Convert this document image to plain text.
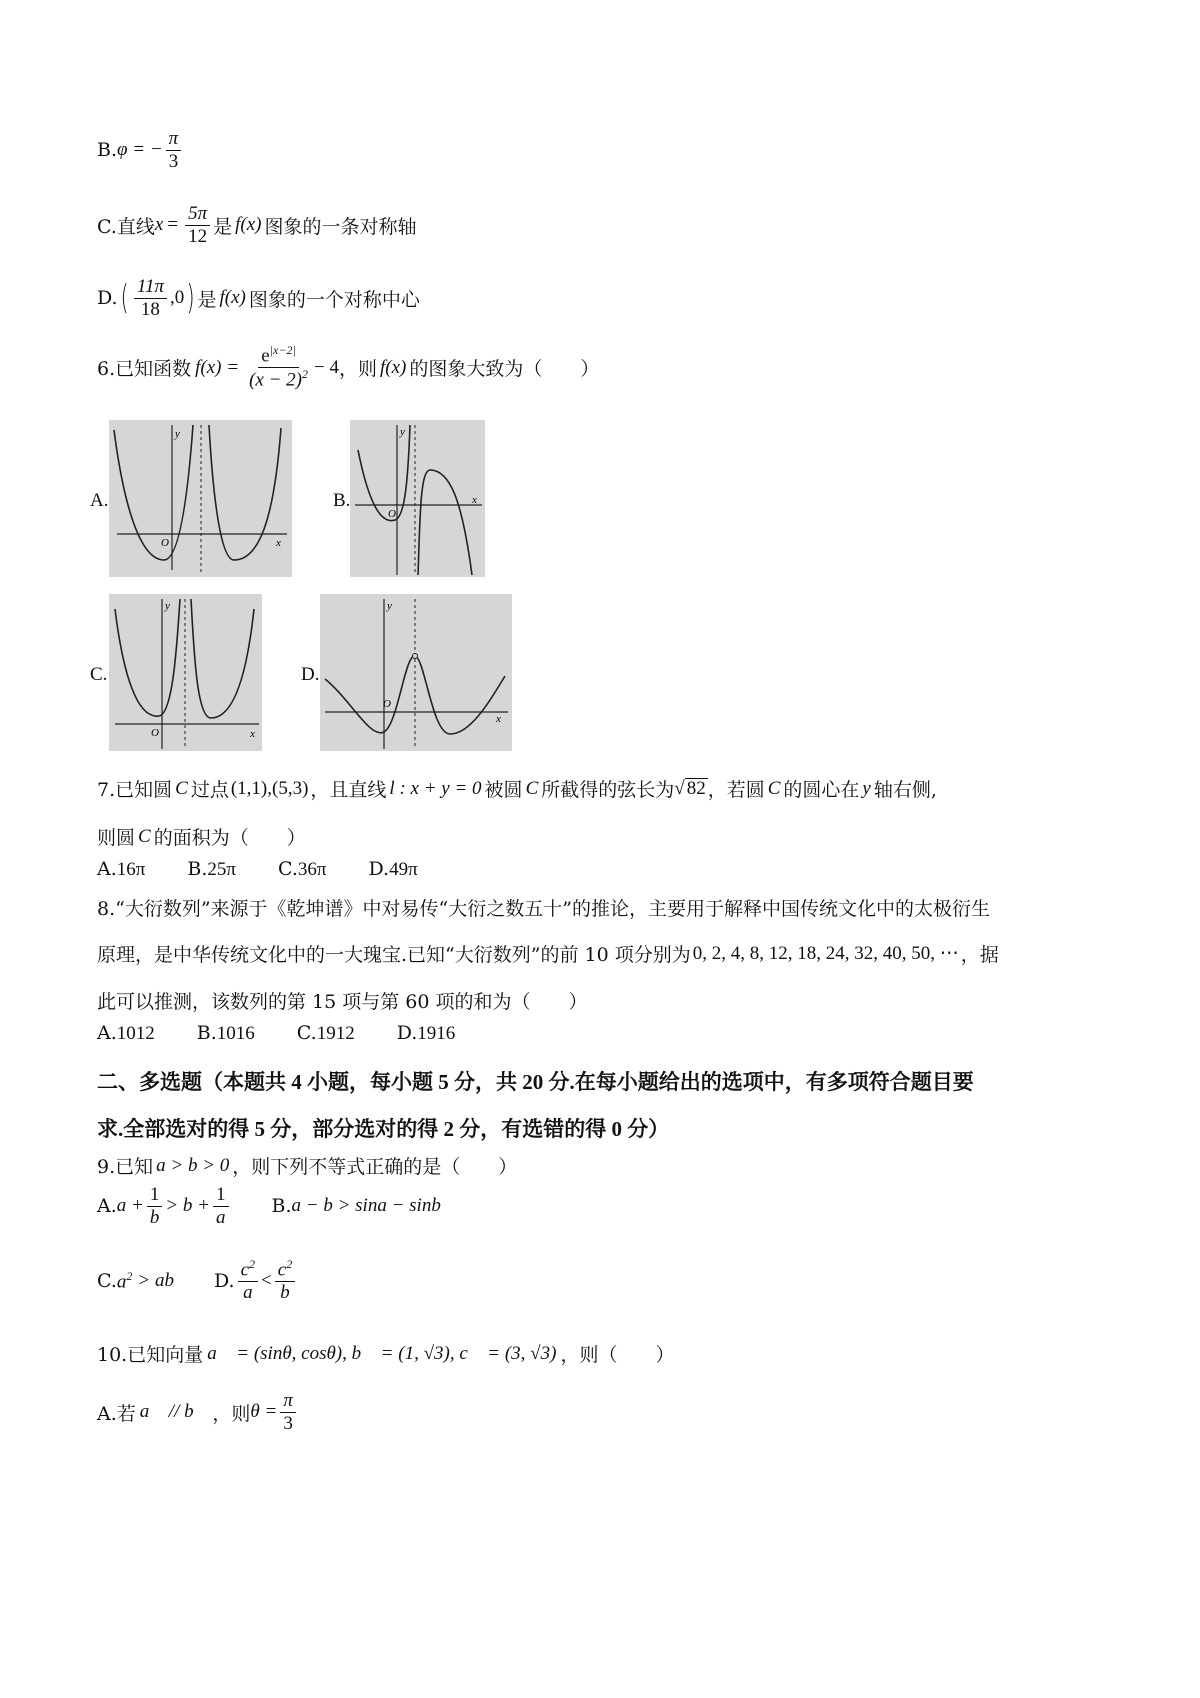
B. φ = − $\frac{\pi}{3}$
C.直线 $x = \frac{5\pi}{12}$ 是 f(x) 图象的一条对称轴
D. ( $\frac{11\pi}{18} ,0$ ) 是 f(x) 图象的一个对称中心
6.已知函数 $f(x) = \frac{e^{|x-2|}}{(x - 2)^2} - 4$ ，则 f(x) 的图象大致为（　　）
A.	B.
C.	D.
y
x
O
y
x
O
y
x
O
y
x
O
7.已知圆 C 过点 (1,1),(5,3) ，且直线 l : x + y = 0 被圆 C 所截得的弦长为 √ 82 ，若圆 C 的圆心在 y 轴右侧,
则圆 C 的面积为（　　）
A.16π B.25π C.36π D.49π
8.“大衍数列”来源于《乾坤谱》中对易传“大衍之数五十”的推论，主要用于解释中国传统文化中的太极衍生
原理，是中华传统文化中的一大瑰宝.已知“大衍数列”的前 10 项分别为 0, 2, 4, 8, 12, 18, 24, 32, 40, 50, ⋯ ，据
此可以推测，该数列的第 15 项与第 60 项的和为（　　）
A.1012 B.1016 C.1912 D.1916
二、多选题（本题共 4 小题，每小题 5 分，共 20 分.在每小题给出的选项中，有多项符合题目要
求.全部选对的得 5 分，部分选对的得 2 分，有选错的得 0 分）
9.已知 a > b > 0 ，则下列不等式正确的是（　　）
A. $a + \frac{1}{b} > b + \frac{1}{a} B$. a − b > sina − sinb
C. $a^2$ > ab D. $\frac{c^2}{a} < \frac{c^2}{b}$
10.已知向量 a⃗ = (sinθ, cosθ), b⃗ = (1, √3), c⃗ = (3, √3) ，则（　　）
A.若 a⃗ // b⃗ ，则 $\theta = \frac{\pi}{3}$
